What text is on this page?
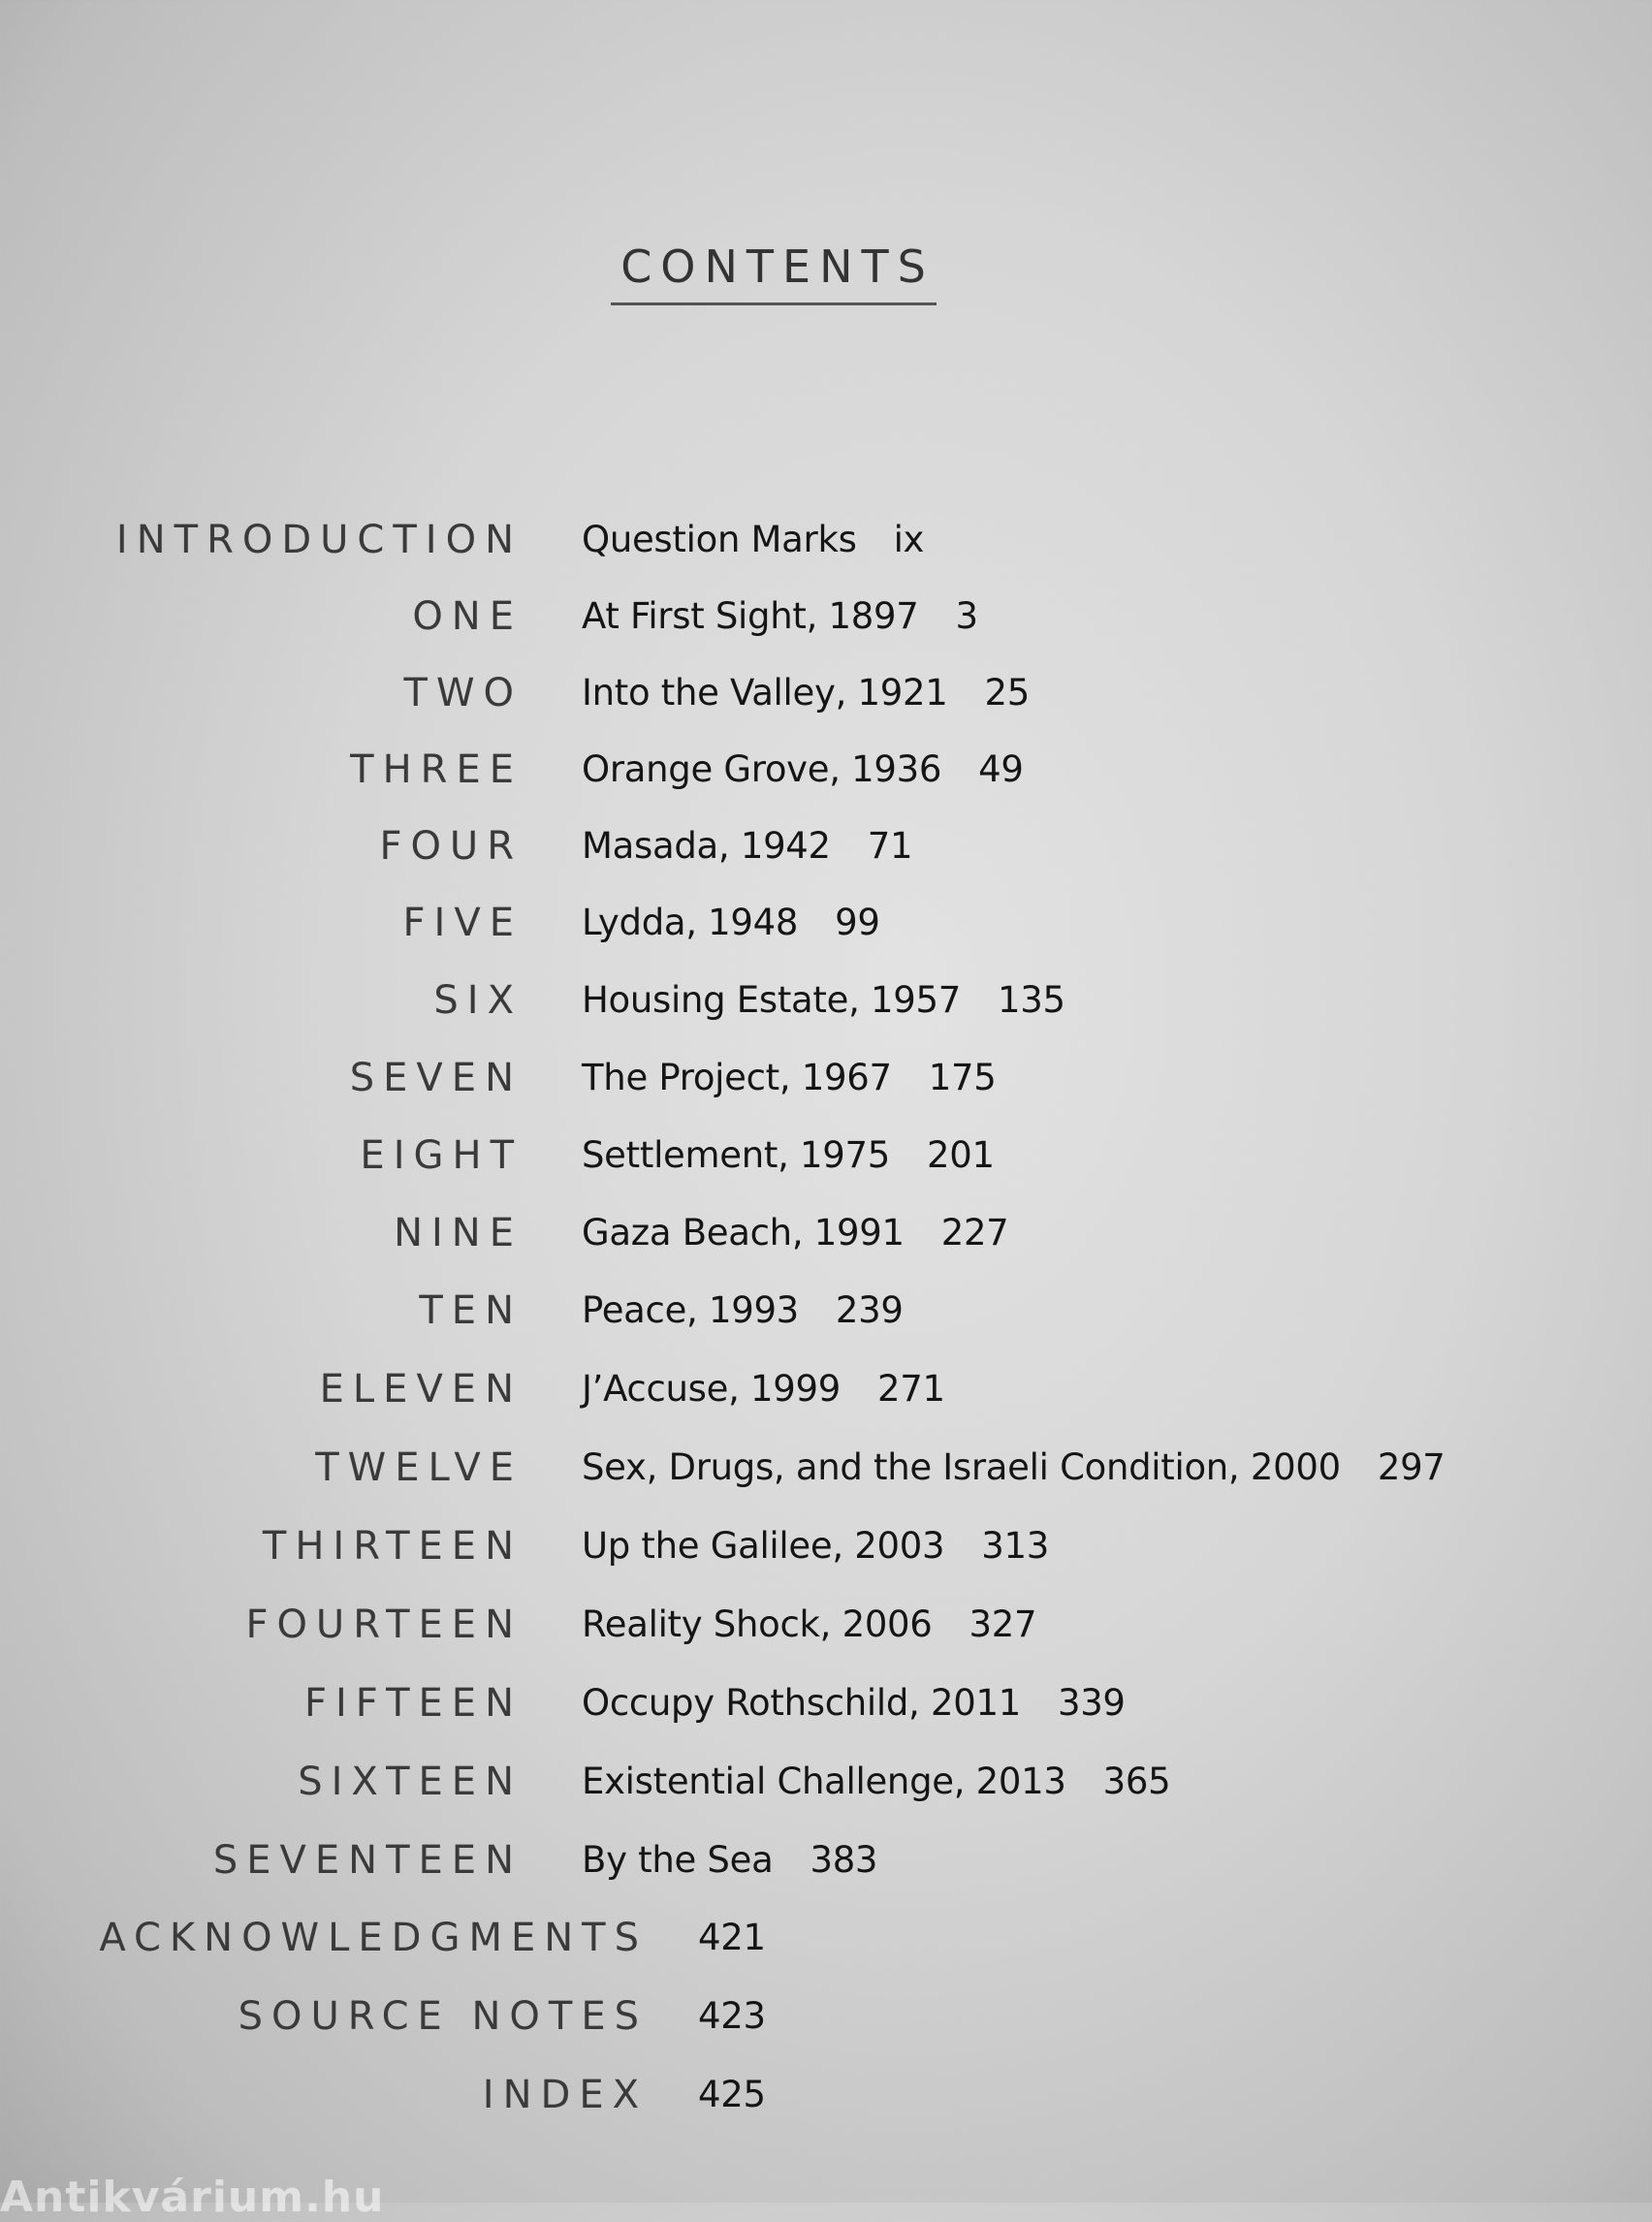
CONTENTS
INTRODUCTION Question Marks ix
ONE At First Sight, 1897 3
TWO Into the Valley, 1921 25
THREE Orange Grove, 1936 49
FOUR Masada, 1942 71
FIVE Lydda, 1948 99
SIX Housing Estate, 1957 135
SEVEN The Project, 1967 175
EIGHT Settlement, 1975 201
NINE Gaza Beach, 1991 227
TEN Peace, 1993 239
ELEVEN J’Accuse, 1999 271
TWELVE Sex, Drugs, and the Israeli Condition, 2000 297
THIRTEEN Up the Galilee, 2003 313
FOURTEEN Reality Shock, 2006 327
FIFTEEN Occupy Rothschild, 2011 339
SIXTEEN Existential Challenge, 2013 365
SEVENTEEN By the Sea 383
ACKNOWLEDGMENTS 421
SOURCE NOTES 423
INDEX 425
Antikvárium.hu
